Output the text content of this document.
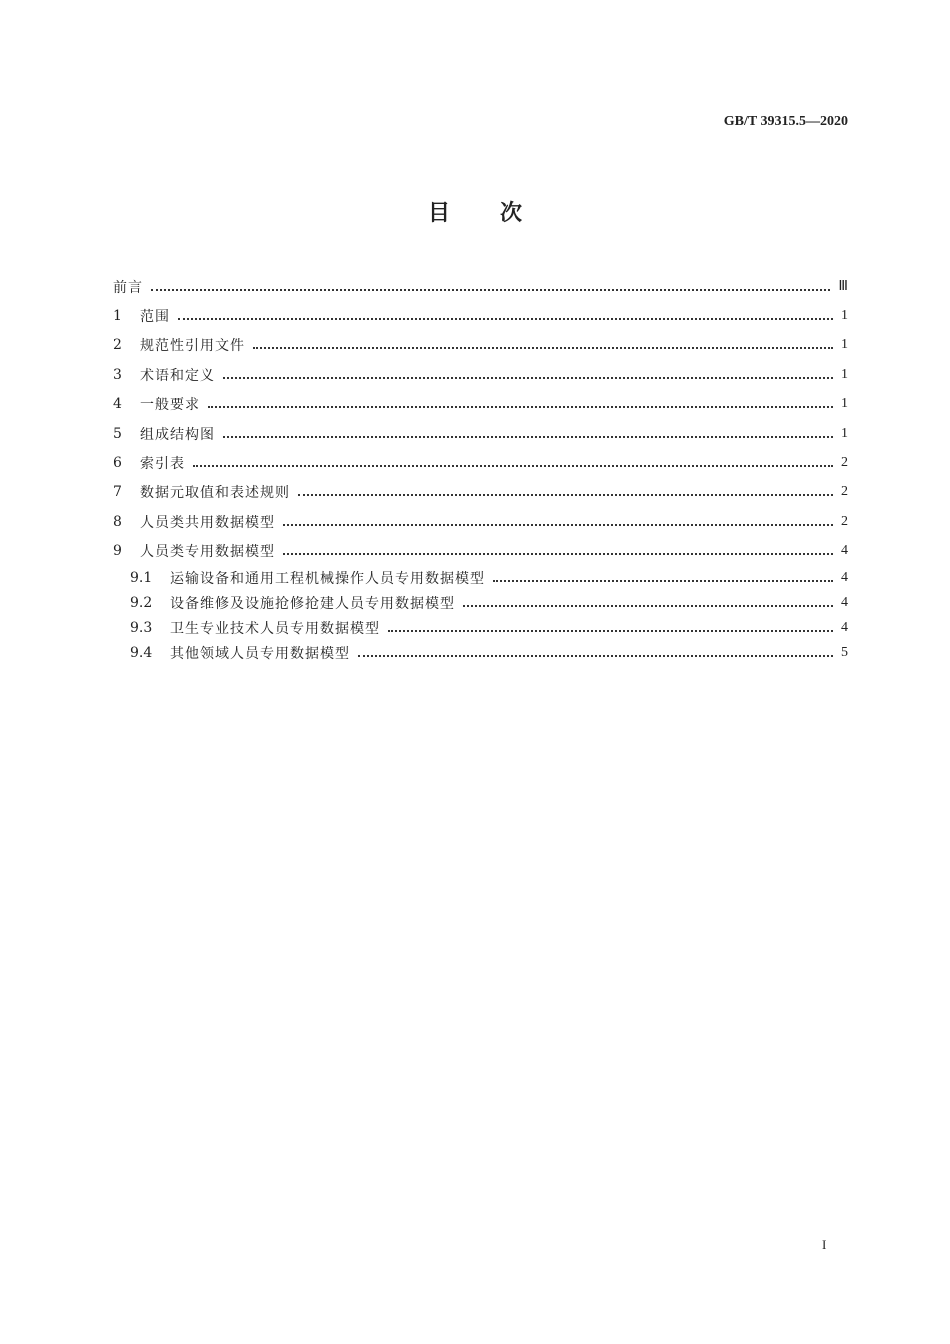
GB/T 39315.5—2020
目次
前言	Ⅲ
1	范围	1
2	规范性引用文件	1
3	术语和定义	1
4	一般要求	1
5	组成结构图	1
6	索引表	2
7	数据元取值和表述规则	2
8	人员类共用数据模型	2
9	人员类专用数据模型	4
9.1	运输设备和通用工程机械操作人员专用数据模型	4
9.2	设备维修及设施抢修抢建人员专用数据模型	4
9.3	卫生专业技术人员专用数据模型	4
9.4	其他领域人员专用数据模型	5
I
